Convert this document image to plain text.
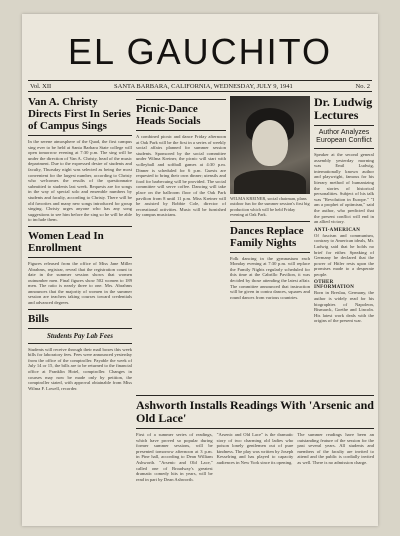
EL GAUCHITO
Vol. XII	SANTA BARBARA, CALIFORNIA, WEDNESDAY, JULY 9, 1941	No. 2
Van A. Christy Directs First In Series of Campus Sings

In the serene atmosphere of the Quad, the first campus sing ever to be held at Santa Barbara State college will open tomorrow evening at 7:30 p.m. The sing will be under the direction of Van A. Christy, head of the music department. Due to the expressed desire of students and faculty, Thursday night was selected as being the most convenient for the largest number, according to Christy who welcomes the results of the questionnaire submitted to students last week. Requests are for songs in the way of special solo and ensemble numbers by students and faculty, according to Christy. There will be old favorites and many new songs introduced for group singing. Christy urges anyone who has any song suggestions to see him before the sing so he will be able to include them.

Women Lead In Enrollment

Figures released from the office of Miss Jane Miller Abrahms, registrar, reveal that the registration count to date in the summer session shows that women outnumber men. Final figures show 502 women to 189 men. The ratio is nearly three to one. Mrs. Abrahms announces that the majority of women in the summer session are teachers taking courses toward credentials and advanced degrees.

Bills
Students Pay Lab Fees

Students will receive through their mail boxes this week bills for laboratory fees. Fees were announced yesterday from the office of the comptroller. Payable the week of July 14 or 15, the bills are to be returned to the financial office at Franklin Hotel, comptroller. Changes in courses may now be made only by petition, the comptroller stated, with approval obtainable from Miss Wilma F. Lowell, recorder.

Picnic-Dance Heads Socials

A combined picnic and dance Friday afternoon at Oak Park will be the first in a series of weekly social affairs planned for summer session students. Sponsored by the social committee under Wilma Kreiner, the picnic will start with volleyball and softball games at 4:30 p.m. Dinner is scheduled for 6 p.m. Guests are requested to bring their own dinner; utensils and food for barbecuing will be provided. The social committee will serve coffee. Dancing will take place on the ballroom floor of the Oak Park pavilion from 8 until 11 p.m. Miss Kreiner will be assisted by Bobbie Cole, director of recreational activities. Music will be furnished by campus musicians.

WILMA KREINER, social chairman, plans outdoor fun for the summer session's first big production which will be held Friday evening at Oak Park.

Dances Replace Family Nights

Folk dancing in the gymnasium each Monday evening at 7:30 p.m. will replace the Family Nights regularly scheduled for this time at the Cabrillo Pavilion, it was decided by those attending the latest affair. The committee announced that instruction will be given in contra dances, squares and round dances from various countries.

Dr. Ludwig Lectures
Author Analyzes European Conflict

Speaker at the second general assembly yesterday morning was Emil Ludwig, internationally known author and playwright, famous for his literary method of humanizing the stories of historical personalities. Subject of his talk was "Revolution in Europe." "I am a prophet of optimism," said the author, who predicted that the present conflict will end in an allied victory.

ANTI-AMERICAN

Of fascism and communism, contrary to American ideals, Mr. Ludwig said that he holds no brief for either. Speaking of Germany he declared that the power of Hitler rests upon the promises made to a desperate people.

OTHER INFORMATION

Born in Breslau, Germany, the author is widely read for his biographies of Napoleon, Bismarck, Goethe and Lincoln. His latest work deals with the origins of the present war.

Ashworth Installs Readings With 'Arsenic and Old Lace'

First of a summer series of readings, which have proved so popular during former summer sessions, will be presented tomorrow afternoon at 3 p.m. in Pine hall, according to Dean William Ashworth. "Arsenic and Old Lace," called one of Broadway's greatest dramatic comedy hits in years, will be read in part by Dean Ashworth.

"Arsenic and Old Lace" is the dramatic story of two charming old ladies who poison lonely gentlemen out of pure kindness. The play was written by Joseph Kesselring and has played to capacity audiences in New York since its opening.

The summer readings have been an outstanding feature of the session for the past several years. All students and members of the faculty are invited to attend and the public is cordially invited as well. There is no admission charge.
